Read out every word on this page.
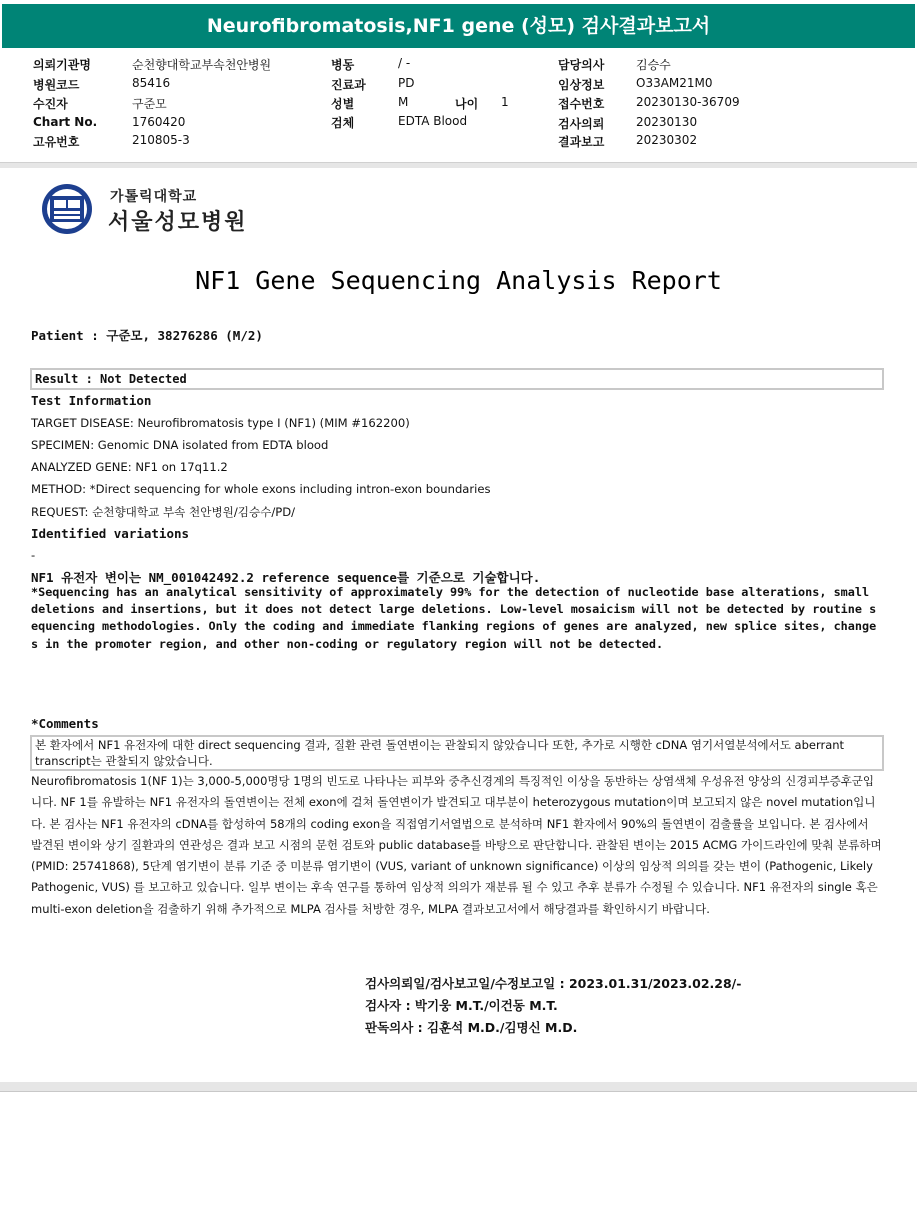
Neurofibromatosis,NF1 gene (성모) 검사결과보고서
의뢰기관명	순천향대학교부속천안병원
병원코드	85416
수진자	구준모
Chart No.	1760420
고유번호	210805-3
병동	/ -
진료과	PD
성별	M	나이 1
검체	EDTA Blood
담당의사	김승수
임상정보	O33AM21M0
접수번호	20230130-36709
검사의뢰	20230130
결과보고	20230302
가톨릭대학교
서울성모병원
NF1 Gene Sequencing Analysis Report
Patient : 구준모, 38276286 (M/2)
Result : Not Detected
Test Information
TARGET DISEASE: Neurofibromatosis type I (NF1) (MIM #162200)
SPECIMEN: Genomic DNA isolated from EDTA blood
ANALYZED GENE: NF1 on 17q11.2
METHOD: *Direct sequencing for whole exons including intron-exon boundaries
REQUEST: 순천향대학교 부속 천안병원/김승수/PD/
Identified variations
-
NF1 유전자 변이는 NM_001042492.2 reference sequence를 기준으로 기술합니다.
*Sequencing has an analytical sensitivity of approximately 99% for the detection of nucleotide base alterations, small deletions and insertions, but it does not detect large deletions. Low-level mosaicism will not be detected by routine sequencing methodologies. Only the coding and immediate flanking regions of genes are analyzed, new splice sites, changes in the promoter region, and other non-coding or regulatory region will not be detected.
*Comments
본 환자에서 NF1 유전자에 대한 direct sequencing 결과, 질환 관련 돌연변이는 관찰되지 않았습니다 또한, 추가로 시행한 cDNA 염기서열분석에서도 aberrant transcript는 관찰되지 않았습니다.
Neurofibromatosis 1(NF 1)는 3,000-5,000명당 1명의 빈도로 나타나는 피부와 중추신경계의 특징적인 이상을 동반하는 상염색체 우성유전 양상의 신경피부증후군입니다. NF 1를 유발하는 NF1 유전자의 돌연변이는 전체 exon에 걸쳐 돌연변이가 발견되고 대부분이 heterozygous mutation이며 보고되지 않은 novel mutation입니다. 본 검사는 NF1 유전자의 cDNA를 합성하여 58개의 coding exon을 직접염기서열법으로 분석하며 NF1 환자에서 90%의 돌연변이 검출률을 보입니다. 본 검사에서 발견된 변이와 상기 질환과의 연관성은 결과 보고 시점의 문헌 검토와 public database를 바탕으로 판단합니다. 관찰된 변이는 2015 ACMG 가이드라인에 맞춰 분류하며 (PMID: 25741868), 5단계 염기변이 분류 기준 중 미분류 염기변이 (VUS, variant of unknown significance) 이상의 임상적 의의를 갖는 변이 (Pathogenic, Likely Pathogenic, VUS) 를 보고하고 있습니다. 일부 변이는 후속 연구를 통하여 임상적 의의가 재분류 될 수 있고 추후 분류가 수정될 수 있습니다. NF1 유전자의 single 혹은 multi-exon deletion을 검출하기 위해 추가적으로 MLPA 검사를 처방한 경우, MLPA 결과보고서에서 해당결과를 확인하시기 바랍니다.
검사의뢰일/검사보고일/수정보고일 : 2023.01.31/2023.02.28/-
검사자 : 박기웅 M.T./이건동 M.T.
판독의사 : 김훈석 M.D./김명신 M.D.
